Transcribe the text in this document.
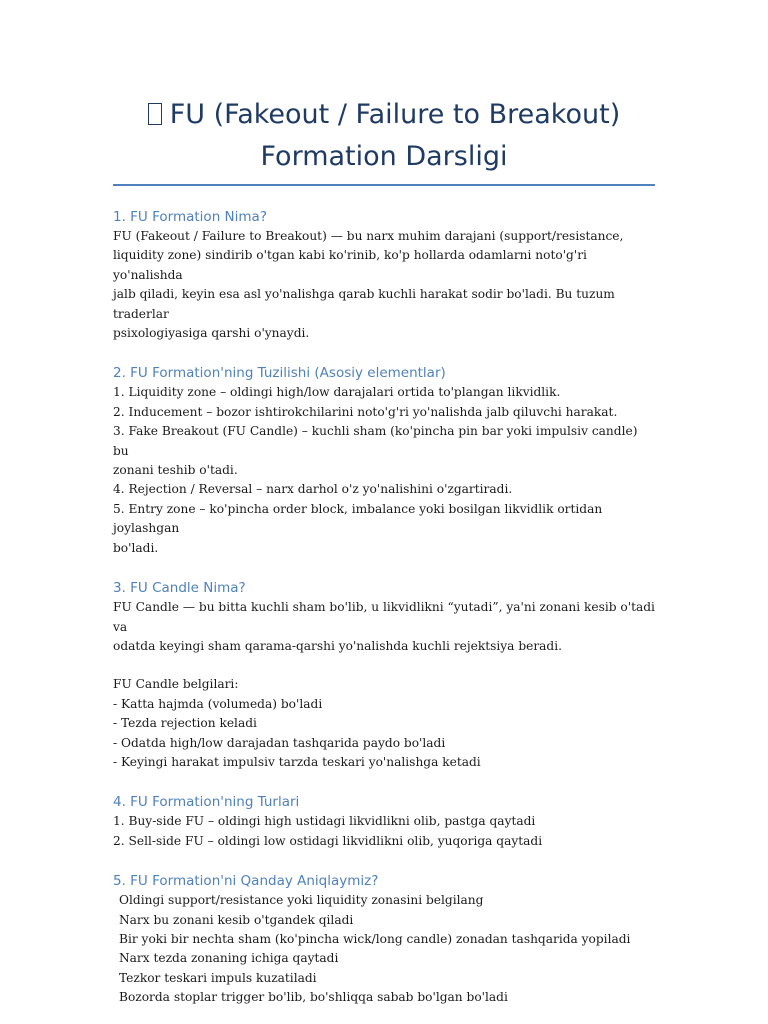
FU (Fakeout / Failure to Breakout)
Formation Darsligi
1. FU Formation Nima?

FU (Fakeout / Failure to Breakout) — bu narx muhim darajani (support/resistance,

liquidity zone) sindirib o'tgan kabi ko'rinib, ko'p hollarda odamlarni noto'g'ri yo'nalishda

jalb qiladi, keyin esa asl yo'nalishga qarab kuchli harakat sodir bo'ladi. Bu tuzum traderlar

psixologiyasiga qarshi o'ynaydi.

2. FU Formation'ning Tuzilishi (Asosiy elementlar)

1. Liquidity zone – oldingi high/low darajalari ortida to'plangan likvidlik.

2. Inducement – bozor ishtirokchilarini noto'g'ri yo'nalishda jalb qiluvchi harakat.

3. Fake Breakout (FU Candle) – kuchli sham (ko'pincha pin bar yoki impulsiv candle) bu

zonani teshib o'tadi.

4. Rejection / Reversal – narx darhol o'z yo'nalishini o'zgartiradi.

5. Entry zone – ko'pincha order block, imbalance yoki bosilgan likvidlik ortidan joylashgan

bo'ladi.

3. FU Candle Nima?

FU Candle — bu bitta kuchli sham bo'lib, u likvidlikni “yutadi”, ya'ni zonani kesib o'tadi va

odatda keyingi sham qarama-qarshi yo'nalishda kuchli rejektsiya beradi.

FU Candle belgilari:

- Katta hajmda (volumeda) bo'ladi

- Tezda rejection keladi

- Odatda high/low darajadan tashqarida paydo bo'ladi

- Keyingi harakat impulsiv tarzda teskari yo'nalishga ketadi

4. FU Formation'ning Turlari

1. Buy-side FU – oldingi high ustidagi likvidlikni olib, pastga qaytadi

2. Sell-side FU – oldingi low ostidagi likvidlikni olib, yuqoriga qaytadi

5. FU Formation'ni Qanday Aniqlaymiz?

Oldingi support/resistance yoki liquidity zonasini belgilang

Narx bu zonani kesib o'tgandek qiladi

Bir yoki bir nechta sham (ko'pincha wick/long candle) zonadan tashqarida yopiladi

Narx tezda zonaning ichiga qaytadi

Tezkor teskari impuls kuzatiladi

Bozorda stoplar trigger bo'lib, bo'shliqqa sabab bo'lgan bo'ladi
